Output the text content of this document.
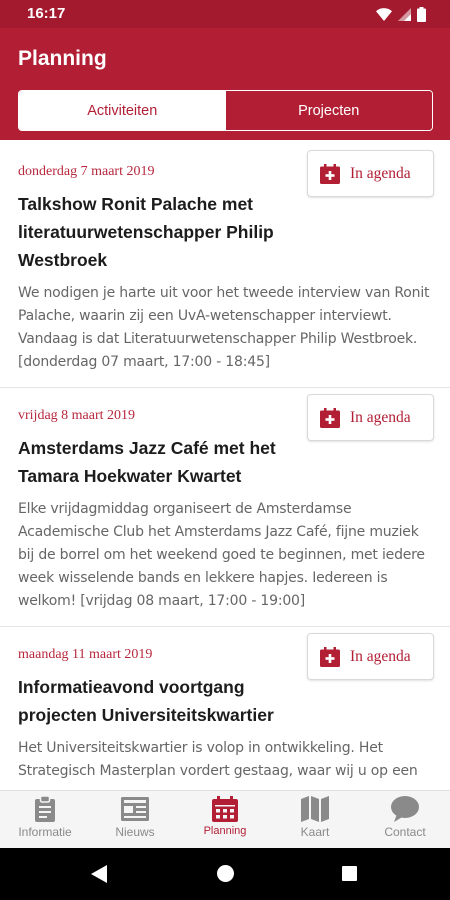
16:17
Planning
Activiteiten	Projecten
donderdag 7 maart 2019
Talkshow Ronit Palache met literatuurwetenschapper Philip Westbroek
We nodigen je harte uit voor het tweede interview van Ronit Palache, waarin zij een UvA-wetenschapper interviewt. Vandaag is dat Literatuurwetenschapper Philip Westbroek. [donderdag 07 maart, 17:00 - 18:45]
In agenda
vrijdag 8 maart 2019
Amsterdams Jazz Café met het Tamara Hoekwater Kwartet
Elke vrijdagmiddag organiseert de Amsterdamse Academische Club het Amsterdams Jazz Café, fijne muziek bij de borrel om het weekend goed te beginnen, met iedere week wisselende bands en lekkere hapjes. Iedereen is welkom! [vrijdag 08 maart, 17:00 - 19:00]
In agenda
maandag 11 maart 2019
Informatieavond voortgang projecten Universiteitskwartier
Het Universiteitskwartier is volop in ontwikkeling. Het Strategisch Masterplan vordert gestaag, waar wij u op een
In agenda
Informatie	Nieuws	Planning	Kaart	Contact
